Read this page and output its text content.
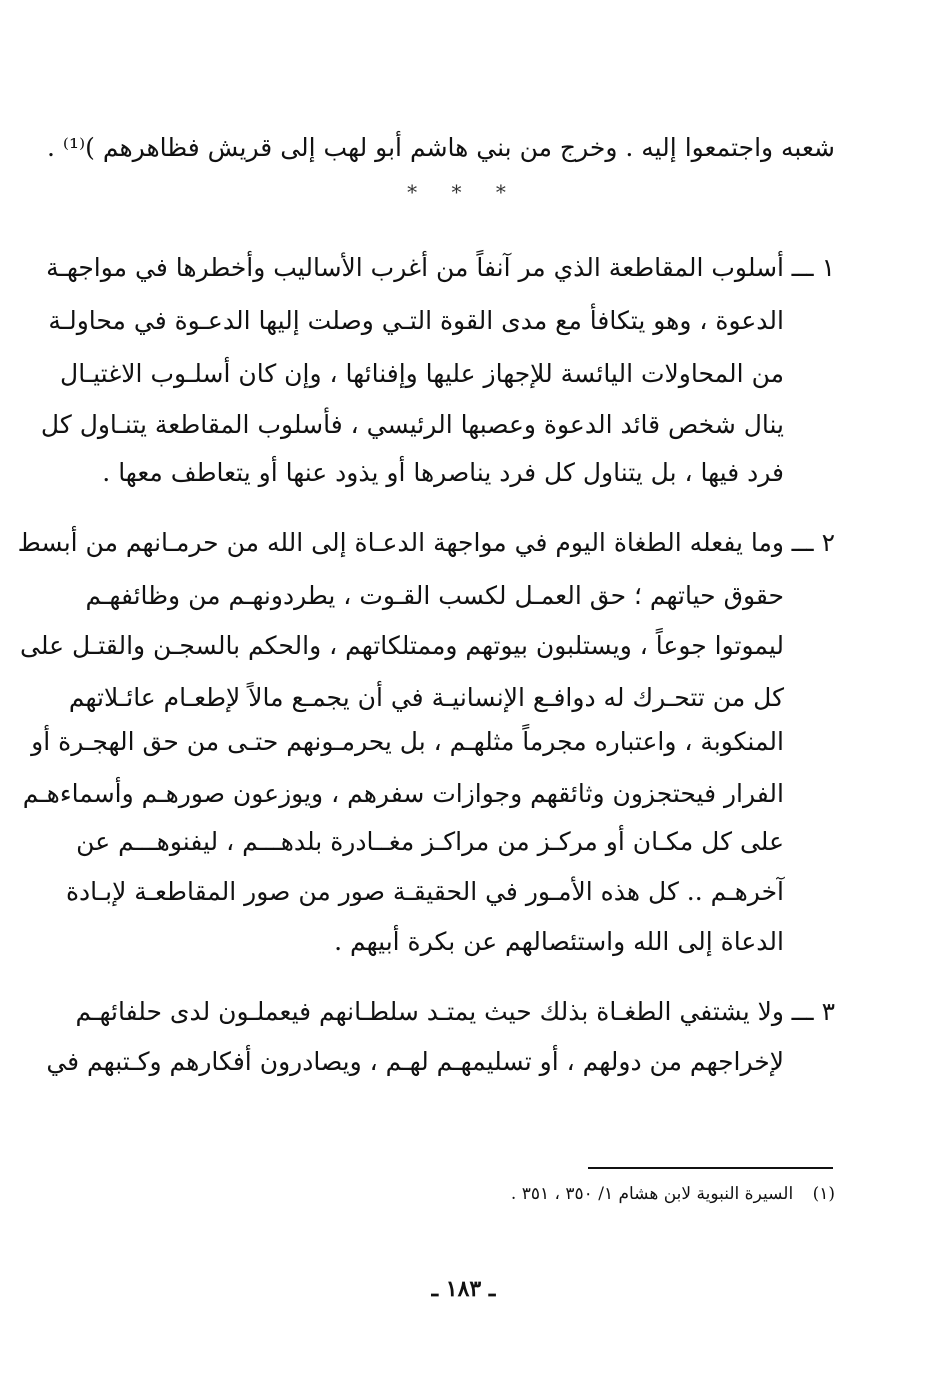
شعبه واجتمعوا إليه . وخرج من بني هاشم أبو لهب إلى قريش فظاهرهم )⁽¹⁾ .
* * *
١ ـــ
أسلوب المقاطعة الذي مر آنفاً من أغرب الأساليب وأخطرها في مواجهـة
الدعوة ، وهو يتكافأ مع مدى القوة التـي وصلت إليها الدعـوة في محاولـة
من المحاولات اليائسة للإجهاز عليها وإفنائها ، وإن كان أسلـوب الاغتيـال
ينال شخص قائد الدعوة وعصبها الرئيسي ، فأسلوب المقاطعة يتنـاول كل
فرد فيها ، بل يتناول كل فرد يناصرها أو يذود عنها أو يتعاطف معها .
٢ ـــ
وما يفعله الطغاة اليوم في مواجهة الدعـاة إلى الله من حرمـانهم من أبسط
حقوق حياتهم ؛ حق العمـل لكسب القـوت ، يطردونهـم من وظائفهـم
ليموتوا جوعاً ، ويستلبون بيوتهم وممتلكاتهم ، والحكم بالسجـن والقتـل على
كل من تتحـرك له دوافـع الإنسانيـة في أن يجمـع مالاً لإطعـام عائـلاتهم
المنكوبة ، واعتباره مجرماً مثلهـم ، بل يحرمـونهم حتـى من حق الهجـرة أو
الفرار فيحتجزون وثائقهم وجوازات سفرهم ، ويوزعون صورهـم وأسماءهـم
على كل مكـان أو مركـز من مراكـز مغــادرة بلدهـــم ، ليفنوهـــم عن
آخرهـم .. كل هذه الأمـور في الحقيقـة صور من صور المقاطعـة لإبـادة
الدعاة إلى الله واستئصالهم عن بكرة أبيهم .
٣ ـــ
ولا يشتفي الطغـاة بذلك حيث يمتـد سلطـانهم فيعملـون لدى حلفائهـم
لإخراجهم من دولهم ، أو تسليمهـم لهـم ، ويصادرون أفكارهم وكـتبهم في
(١) السيرة النبوية لابن هشام ١/ ٣٥٠ ، ٣٥١ .
ـ ١٨٣ ـ
